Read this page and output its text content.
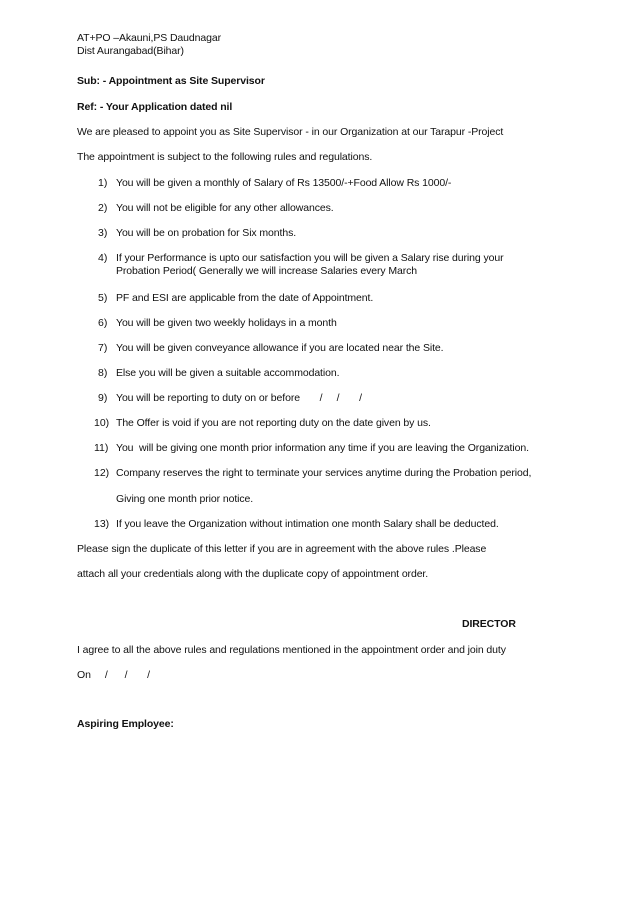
AT+PO –Akauni,PS Daudnagar
Dist Aurangabad(Bihar)
Sub: - Appointment as Site Supervisor
Ref: - Your Application dated nil
We are pleased to appoint you as Site Supervisor - in our Organization at our Tarapur -Project
The appointment is subject to the following rules and regulations.
1) You will be given a monthly of Salary of Rs 13500/-+Food Allow Rs 1000/-
2) You will not be eligible for any other allowances.
3) You will be on probation for Six months.
4) If your Performance is upto our satisfaction you will be given a Salary rise during your
Probation Period( Generally we will increase Salaries every March
5) PF and ESI are applicable from the date of Appointment.
6) You will be given two weekly holidays in a month
7) You will be given conveyance allowance if you are located near the Site.
8) Else you will be given a suitable accommodation.
9) You will be reporting to duty on or before       /     /       /
10) The Offer is void if you are not reporting duty on the date given by us.
11) You  will be giving one month prior information any time if you are leaving the Organization.
12) Company reserves the right to terminate your services anytime during the Probation period,
Giving one month prior notice.
13) If you leave the Organization without intimation one month Salary shall be deducted.
Please sign the duplicate of this letter if you are in agreement with the above rules .Please
attach all your credentials along with the duplicate copy of appointment order.
DIRECTOR
I agree to all the above rules and regulations mentioned in the appointment order and join duty
On     /      /       /
Aspiring Employee:
